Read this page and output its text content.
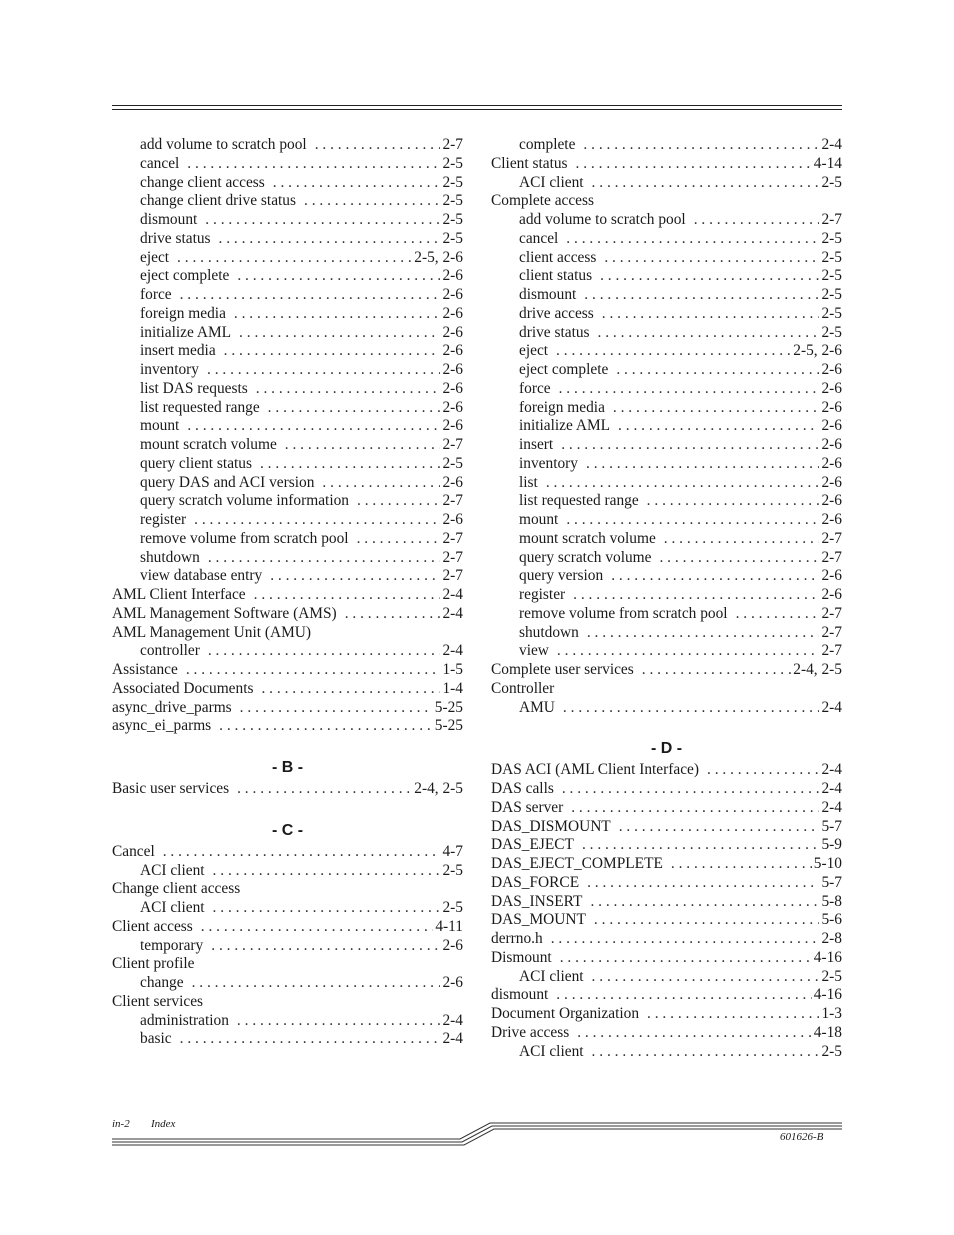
add volume to scratch pool . . .	2-7
cancel . . .	2-5
change client access . . .	2-5
change client drive status . . .	2-5
dismount . . .	2-5
drive status . . .	2-5
eject . . .	2-5, 2-6
eject complete . . .	2-6
force . . .	2-6
foreign media . . .	2-6
initialize AML . . .	2-6
insert media . . .	2-6
inventory . . .	2-6
list DAS requests . . .	2-6
list requested range . . .	2-6
mount . . .	2-6
mount scratch volume . . .	2-7
query client status . . .	2-5
query DAS and ACI version . . .	2-6
query scratch volume information . . .	2-7
register . . .	2-6
remove volume from scratch pool . . .	2-7
shutdown . . .	2-7
view database entry . . .	2-7
AML Client Interface . . .	2-4
AML Management Software (AMS) . . .	2-4
AML Management Unit (AMU)
controller . . .	2-4
Assistance . . .	1-5
Associated Documents . . .	1-4
async_drive_parms . . .	5-25
async_ei_parms . . .	5-25
- B -
Basic user services . . .	2-4, 2-5
- C -
Cancel . . .	4-7
ACI client . . .	2-5
Change client access
ACI client . . .	2-5
Client access . . .	4-11
temporary . . .	2-6
Client profile
change . . .	2-6
Client services
administration . . .	2-4
basic . . .	2-4
complete . . .	2-4
Client status . . .	4-14
ACI client . . .	2-5
Complete access
add volume to scratch pool . . .	2-7
cancel . . .	2-5
client access . . .	2-5
client status . . .	2-5
dismount . . .	2-5
drive access . . .	2-5
drive status . . .	2-5
eject . . .	2-5, 2-6
eject complete . . .	2-6
force . . .	2-6
foreign media . . .	2-6
initialize AML . . .	2-6
insert . . .	2-6
inventory . . .	2-6
list . . .	2-6
list requested range . . .	2-6
mount . . .	2-6
mount scratch volume . . .	2-7
query scratch volume . . .	2-7
query version . . .	2-6
register . . .	2-6
remove volume from scratch pool . . .	2-7
shutdown . . .	2-7
view . . .	2-7
Complete user services . . .	2-4, 2-5
Controller
AMU . . .	2-4
- D -
DAS ACI (AML Client Interface) . . .	2-4
DAS calls . . .	2-4
DAS server . . .	2-4
DAS_DISMOUNT . . .	5-7
DAS_EJECT . . .	5-9
DAS_EJECT_COMPLETE . . .	5-10
DAS_FORCE . . .	5-7
DAS_INSERT . . .	5-8
DAS_MOUNT . . .	5-6
derrno.h . . .	2-8
Dismount . . .	4-16
ACI client . . .	2-5
dismount . . .	4-16
Document Organization . . .	1-3
Drive access . . .	4-18
ACI client . . .	2-5
in-2 Index
601626-B
